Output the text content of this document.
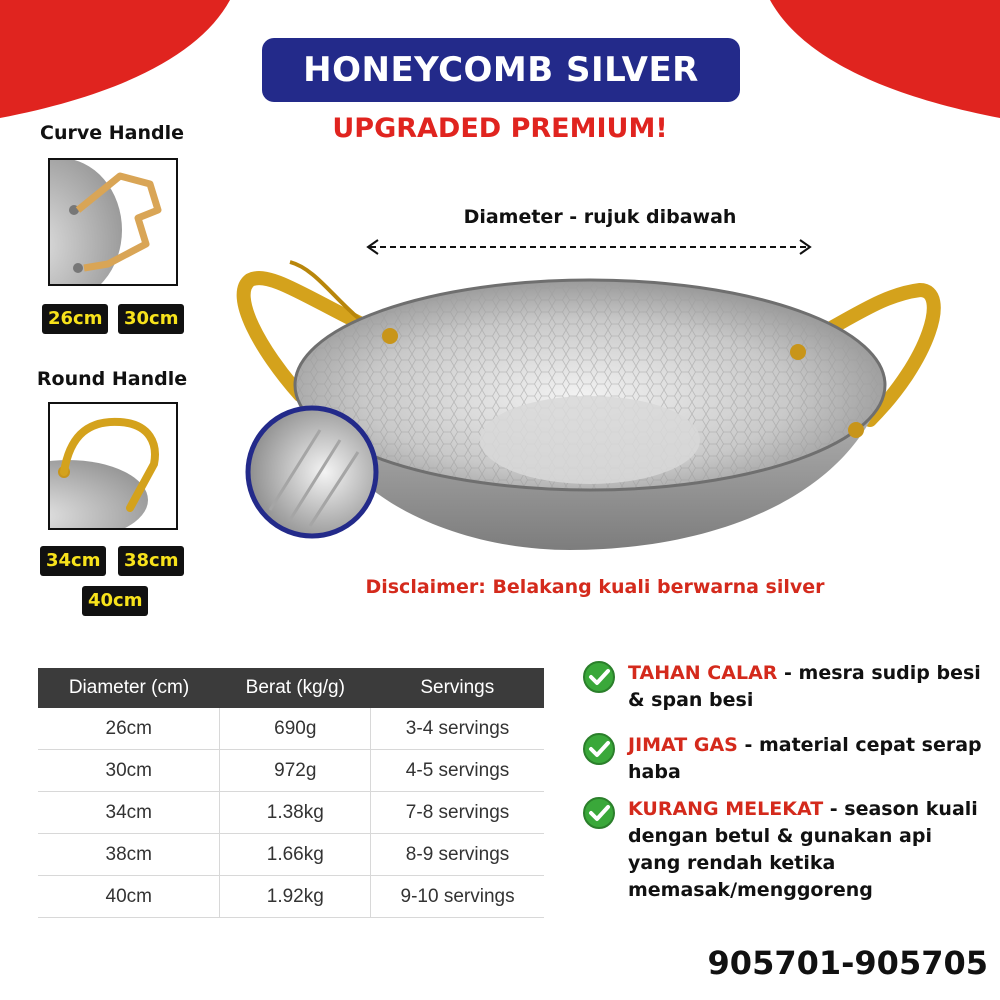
HONEYCOMB SILVER
UPGRADED PREMIUM!
Curve Handle
26cm	30cm
Round Handle
34cm	38cm
40cm
Diameter - rujuk dibawah
Disclaimer: Belakang kuali berwarna silver
Diameter (cm)	Berat (kg/g)	Servings
26cm	690g	3-4 servings
30cm	972g	4-5 servings
34cm	1.38kg	7-8 servings
38cm	1.66kg	8-9 servings
40cm	1.92kg	9-10 servings
TAHAN CALAR - mesra sudip besi & span besi
JIMAT GAS - material cepat serap haba
KURANG MELEKAT - season kuali dengan betul & gunakan api yang rendah ketika memasak/menggoreng
905701-905705
